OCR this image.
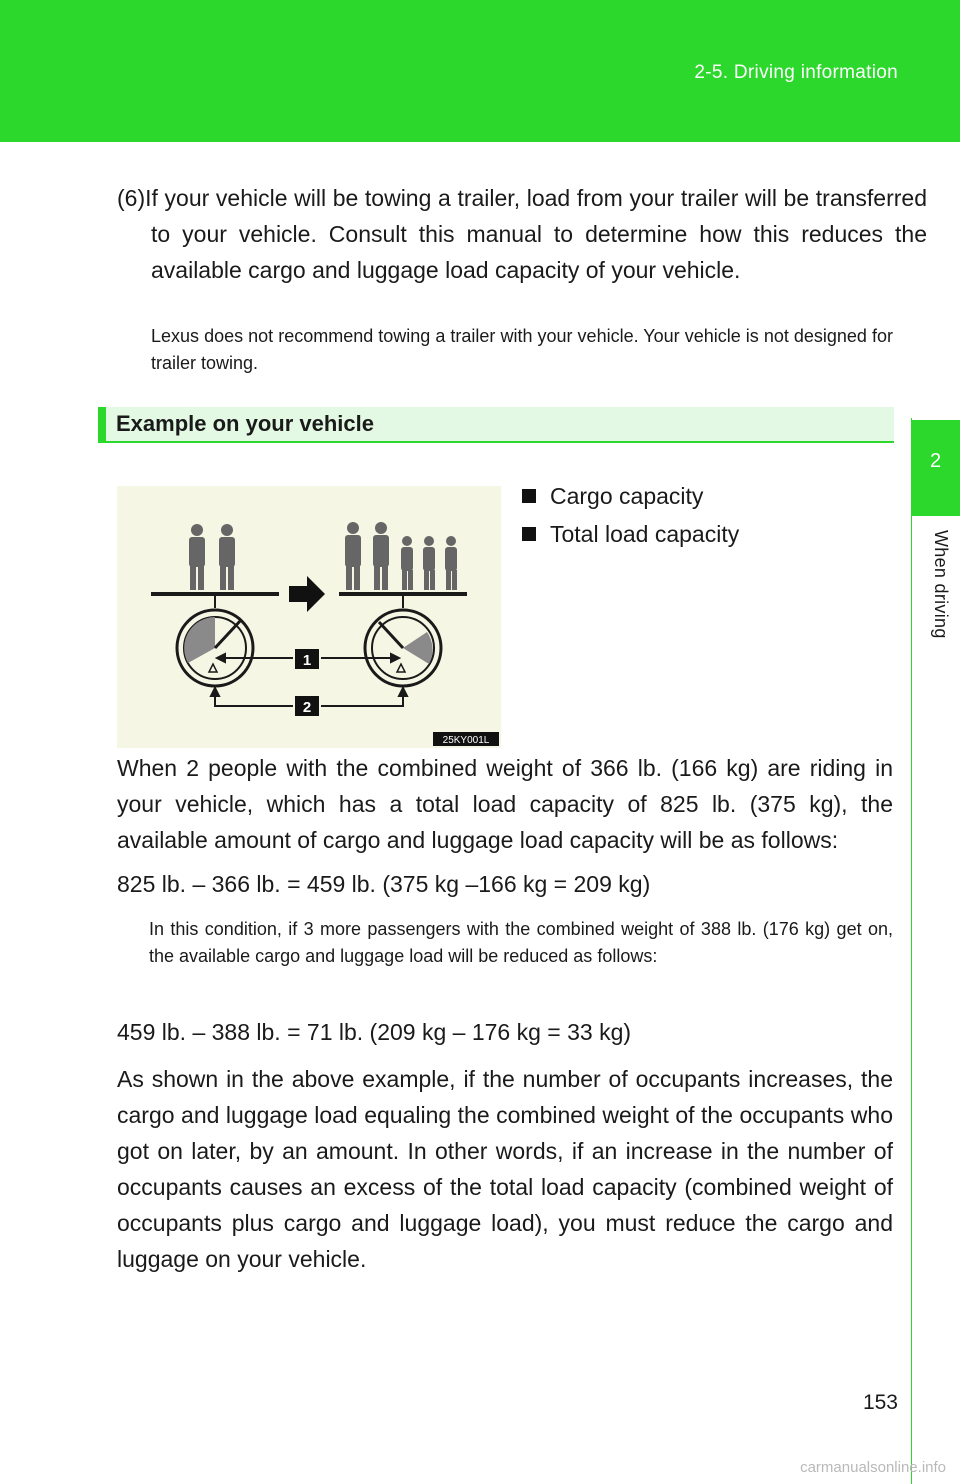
2-5. Driving information
2
When driving
(6)If your vehicle will be towing a trailer, load from your trailer will be transferred to your vehicle. Consult this manual to determine how this reduces the available cargo and luggage load capacity of your vehicle.
Lexus does not recommend towing a trailer with your vehicle. Your vehicle is not designed for trailer towing.
Example on your vehicle
1
2
25KY001L
Cargo capacity
Total load capacity
When 2 people with the combined weight of 366 lb. (166 kg) are riding in your vehicle, which has a total load capacity of 825 lb. (375 kg), the available amount of cargo and luggage load capacity will be as follows:
825 lb. – 366 lb. = 459 lb. (375 kg –166 kg = 209 kg)
In this condition, if 3 more passengers with the combined weight of 388 lb. (176 kg) get on, the available cargo and luggage load will be reduced as follows:
459 lb. – 388 lb. = 71 lb. (209 kg – 176 kg = 33 kg)
As shown in the above example, if the number of occupants increases, the cargo and luggage load equaling the combined weight of the occupants who got on later, by an amount. In other words, if an increase in the number of occupants causes an excess of the total load capacity (combined weight of occupants plus cargo and luggage load), you must reduce the cargo and luggage on your vehicle.
153
carmanualsonline.info
